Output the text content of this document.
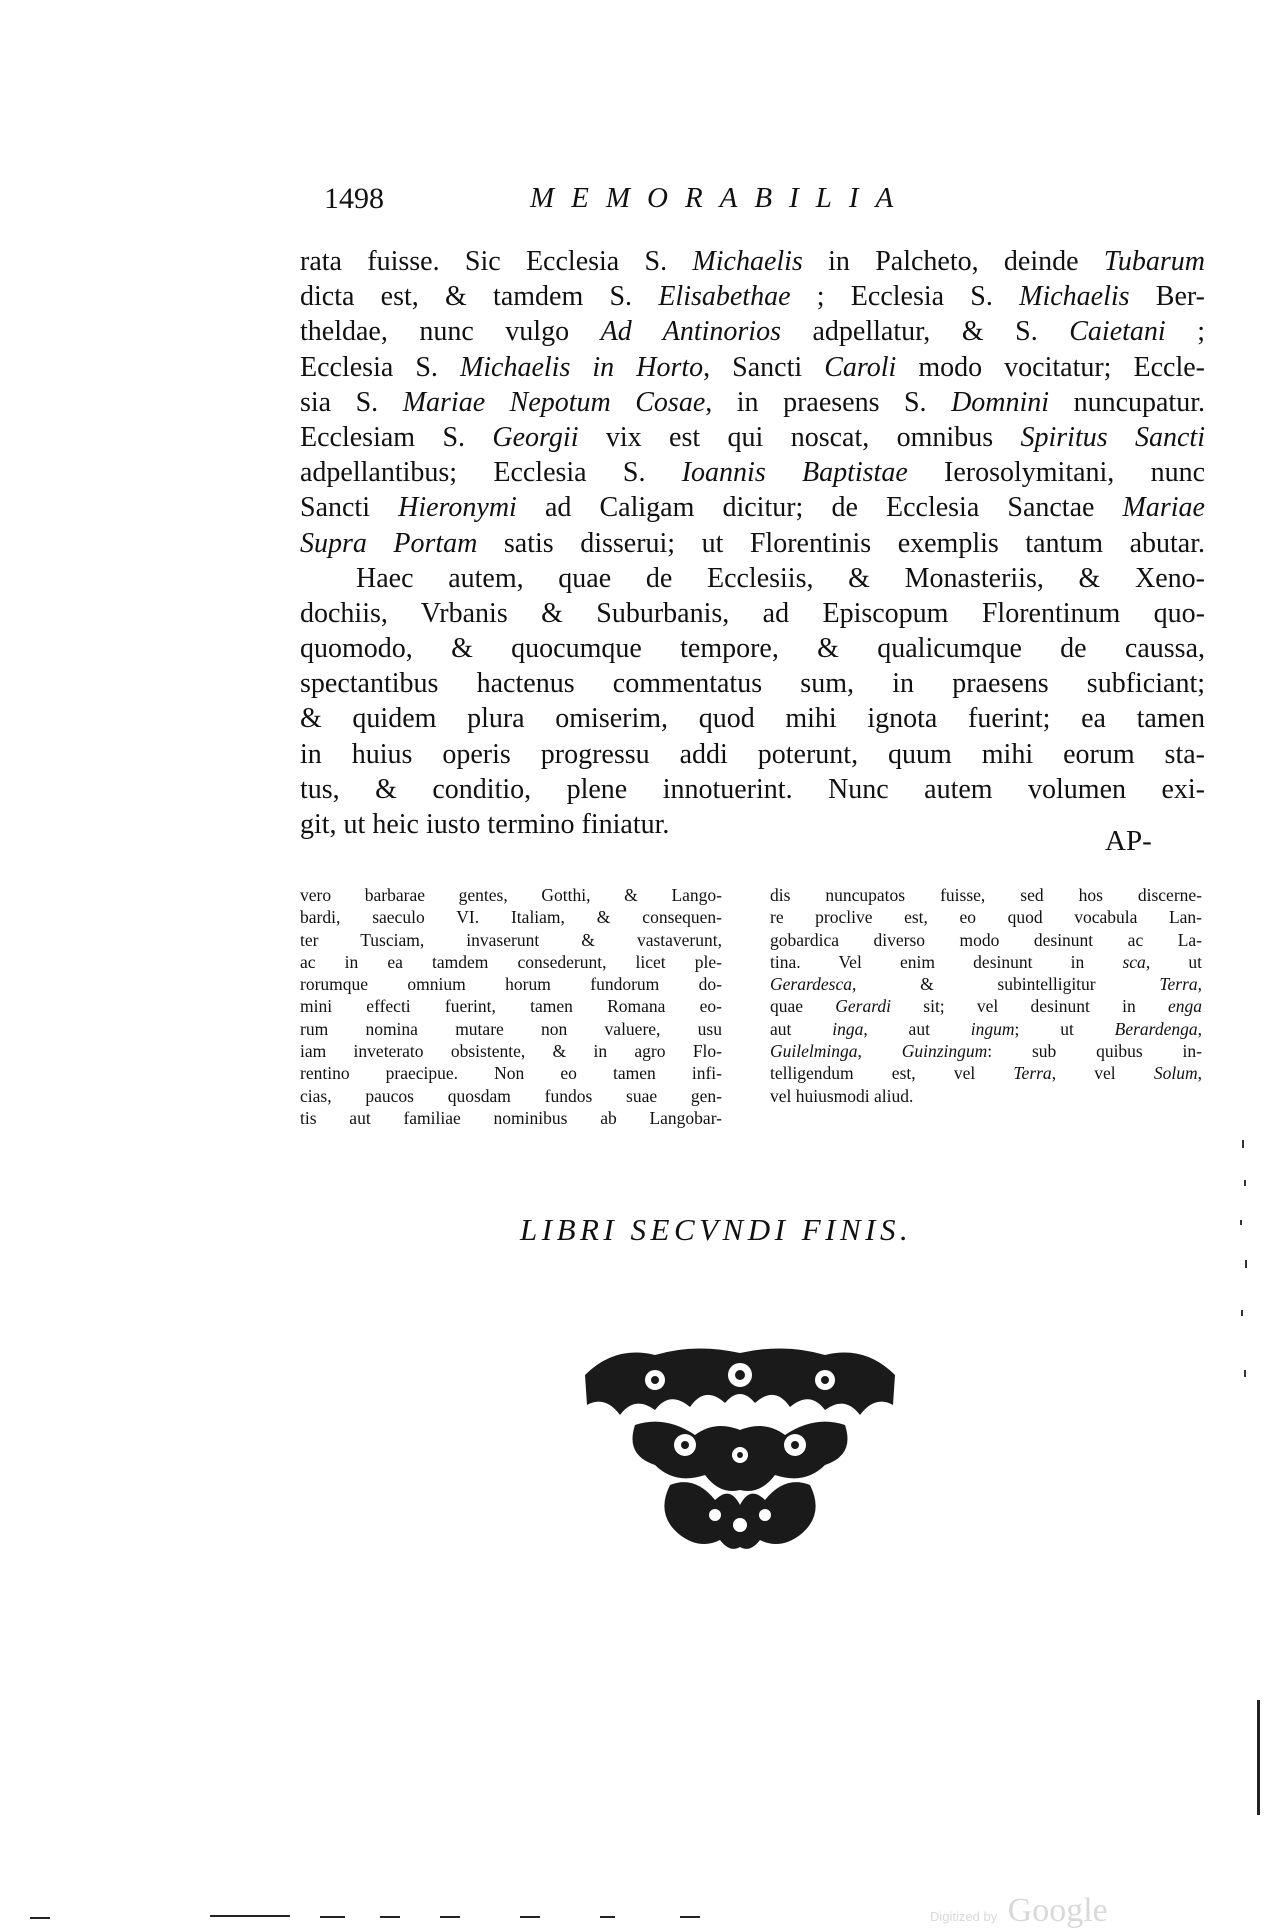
1498	MEMORABILIA
rata fuisse. Sic Ecclesia S. Michaelis in Palcheto, deinde Tubarum
dicta est, & tamdem S. Elisabethae ; Ecclesia S. Michaelis Ber-
theldae, nunc vulgo Ad Antinorios adpellatur, & S. Caietani ;
Ecclesia S. Michaelis in Horto, Sancti Caroli modo vocitatur; Eccle-
sia S. Mariae Nepotum Cosae, in praesens S. Domnini nuncupatur.
Ecclesiam S. Georgii vix est qui noscat, omnibus Spiritus Sancti
adpellantibus; Ecclesia S. Ioannis Baptistae Ierosolymitani, nunc
Sancti Hieronymi ad Caligam dicitur; de Ecclesia Sanctae Mariae
Supra Portam satis disserui; ut Florentinis exemplis tantum abutar.
Haec autem, quae de Ecclesiis, & Monasteriis, & Xeno-
dochiis, Vrbanis & Suburbanis, ad Episcopum Florentinum quo-
quomodo, & quocumque tempore, & qualicumque de caussa,
spectantibus hactenus commentatus sum, in praesens subficiant;
& quidem plura omiserim, quod mihi ignota fuerint; ea tamen
in huius operis progressu addi poterunt, quum mihi eorum sta-
tus, & conditio, plene innotuerint. Nunc autem volumen exi-
git, ut heic iusto termino finiatur.
AP-
vero barbarae gentes, Gotthi, & Lango-
bardi, saeculo VI. Italiam, & consequen-
ter Tusciam, invaserunt & vastaverunt,
ac in ea tamdem consederunt, licet ple-
rorumque omnium horum fundorum do-
mini effecti fuerint, tamen Romana eo-
rum nomina mutare non valuere, usu
iam inveterato obsistente, & in agro Flo-
rentino praecipue. Non eo tamen infi-
cias, paucos quosdam fundos suae gen-
tis aut familiae nominibus ab Langobar-
dis nuncupatos fuisse, sed hos discerne-
re proclive est, eo quod vocabula Lan-
gobardica diverso modo desinunt ac La-
tina. Vel enim desinunt in sca, ut
Gerardesca, & subintelligitur Terra,
quae Gerardi sit; vel desinunt in enga
aut inga, aut ingum; ut Berardenga,
Guilelminga, Guinzingum: sub quibus in-
telligendum est, vel Terra, vel Solum,
vel huiusmodi aliud.
LIBRI SECVNDI FINIS.
Digitized by Google
